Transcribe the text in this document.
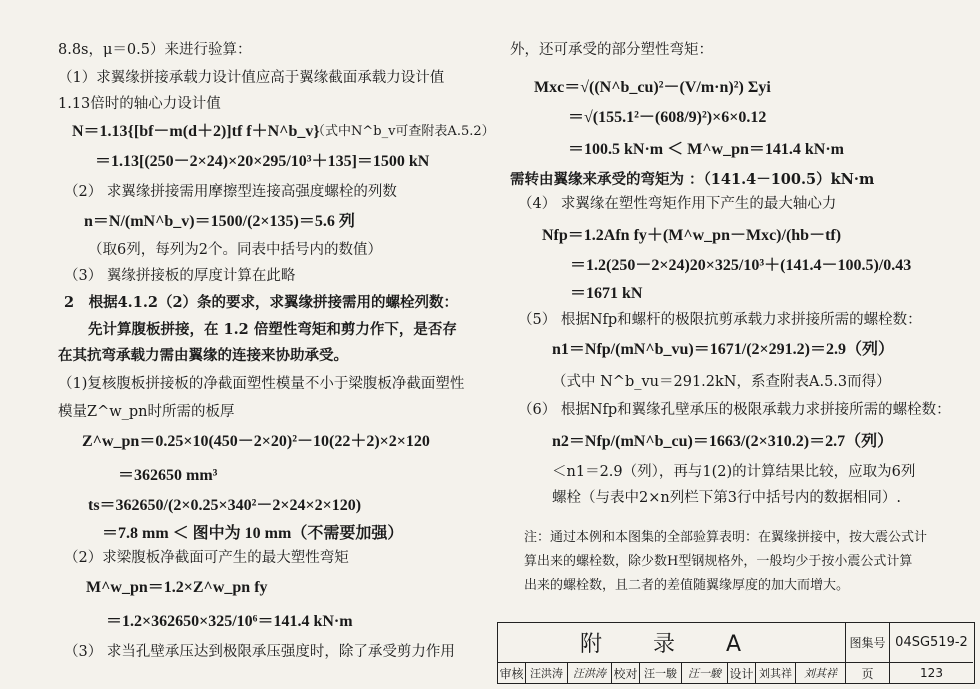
8.8s，μ＝0.5）来进行验算：
（1）求翼缘拼接承载力设计值应高于翼缘截面承载力设计值
1.13倍时的轴心力设计值
N＝1.13{[bf－m(d＋2)]tf f＋N^b_v}
（式中N^b_v可查附表A.5.2）
＝1.13[(250－2×24)×20×295/10³＋135]＝1500 kN
（2） 求翼缘拼接需用摩擦型连接高强度螺栓的列数
n＝N/(mN^b_v)＝1500/(2×135)＝5.6 列
（取6列，每列为2个。同表中括号内的数值）
（3） 翼缘拼接板的厚度计算在此略
2　根据4.1.2（2）条的要求，求翼缘拼接需用的螺栓列数：
先计算腹板拼接，在 1.2 倍塑性弯矩和剪力作下，是否存
在其抗弯承载力需由翼缘的连接来协助承受。
（1)复核腹板拼接板的净截面塑性模量不小于梁腹板净截面塑性
模量Z^w_pn时所需的板厚
Z^w_pn＝0.25×10(450－2×20)²－10(22＋2)×2×120
＝362650 mm³
ts＝362650/(2×0.25×340²－2×24×2×120)
＝7.8 mm ＜ 图中为 10 mm（不需要加强）
（2）求梁腹板净截面可产生的最大塑性弯矩
M^w_pn＝1.2×Z^w_pn fy
＝1.2×362650×325/10⁶＝141.4 kN·m
（3） 求当孔壁承压达到极限承压强度时，除了承受剪力作用
外，还可承受的部分塑性弯矩：
Mxc＝√((N^b_cu)²－(V/m·n)²) Σyi
＝√(155.1²－(608/9)²)×6×0.12
＝100.5 kN·m ＜ M^w_pn＝141.4 kN·m
需转由翼缘来承受的弯矩为 ：（141.4－100.5）kN·m
（4） 求翼缘在塑性弯矩作用下产生的最大轴心力
Nfp＝1.2Afn fy＋(M^w_pn－Mxc)/(hb－tf)
＝1.2(250－2×24)20×325/10³＋(141.4－100.5)/0.43
＝1671 kN
（5） 根据Nfp和螺杆的极限抗剪承载力求拼接所需的螺栓数：
n1＝Nfp/(mN^b_vu)＝1671/(2×291.2)＝2.9（列）
（式中 N^b_vu＝291.2kN，系查附表A.5.3而得）
（6） 根据Nfp和翼缘孔壁承压的极限承载力求拼接所需的螺栓数：
n2＝Nfp/(mN^b_cu)＝1663/(2×310.2)＝2.7（列）
＜n1＝2.9（列），再与1(2)的计算结果比较，应取为6列
螺栓（与表中2×n列栏下第3行中括号内的数据相同）.
注：通过本例和本图集的全部验算表明：在翼缘拼接中，按大震公式计
算出来的螺栓数，除少数H型钢规格外，一般均少于按小震公式计算
出来的螺栓数，且二者的差值随翼缘厚度的加大而增大。
附 录 A	图集号 04SG519-2
审核 汪洪涛 汪洪涛 校对 汪一駿	汪一駿 设计 刘其祥	刘其祥	页	123
